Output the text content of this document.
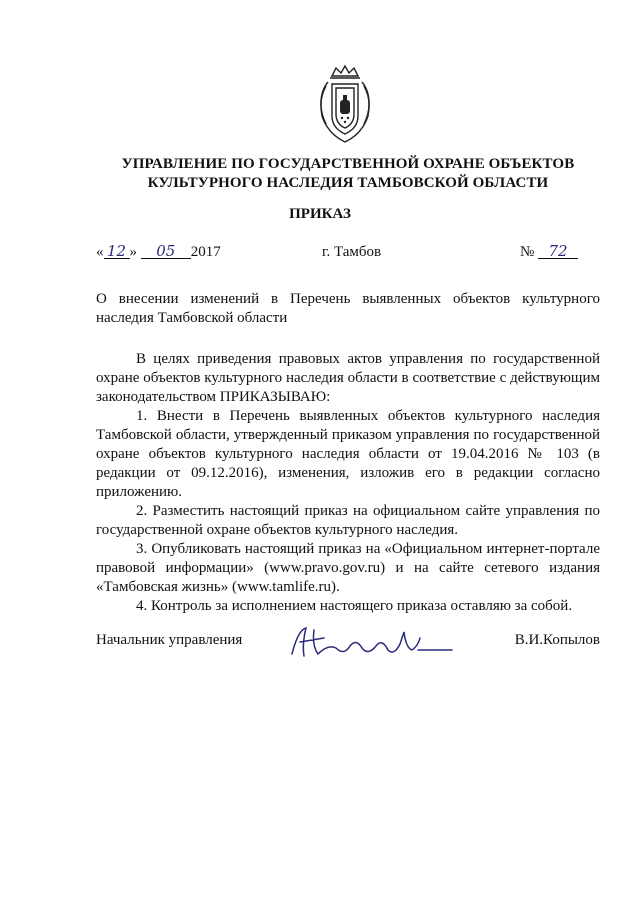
УПРАВЛЕНИЕ ПО ГОСУДАРСТВЕННОЙ ОХРАНЕ ОБЪЕКТОВ
КУЛЬТУРНОГО НАСЛЕДИЯ ТАМБОВСКОЙ ОБЛАСТИ
ПРИКАЗ
« 12 » 05 2017	г. Тамбов	№ 72
О внесении изменений в Перечень выявленных объектов культурного наследия Тамбовской области

В целях приведения правовых актов управления по государственной охране объектов культурного наследия области в соответствие с действующим законодательством ПРИКАЗЫВАЮ:

1. Внести в Перечень выявленных объектов культурного наследия Тамбовской области, утвержденный приказом управления по государственной охране объектов культурного наследия области от 19.04.2016 № 103 (в редакции от 09.12.2016), изменения, изложив его в редакции согласно приложению.

2. Разместить настоящий приказ на официальном сайте управления по государственной охране объектов культурного наследия.

3. Опубликовать настоящий приказ на «Официальном интернет-портале правовой информации» (www.pravo.gov.ru) и на сайте сетевого издания «Тамбовская жизнь» (www.tamlife.ru).

4. Контроль за исполнением настоящего приказа оставляю за собой.

Начальник управления	В.И.Копылов
